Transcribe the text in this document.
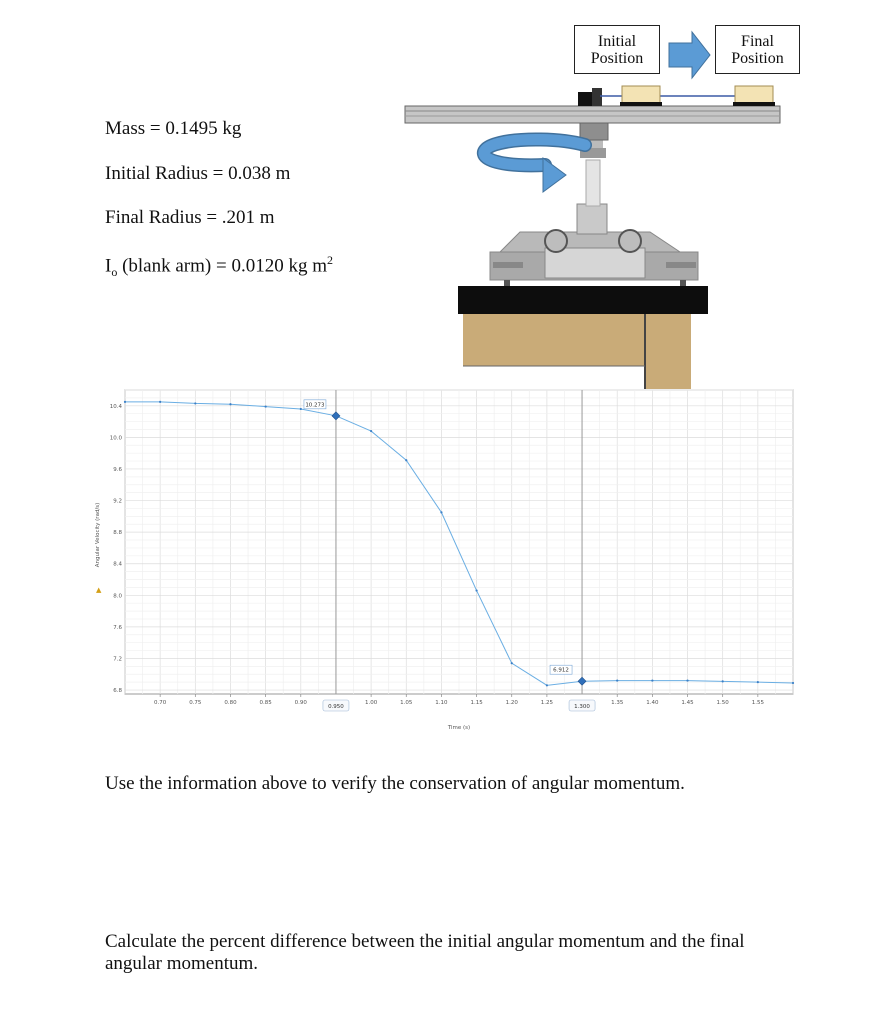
Initial
Position
Final
Position
Mass = 0.1495 kg
Initial Radius = 0.038 m
Final Radius = .201 m
$I_o$ (blank arm) = 0.0120 kg $m^2$
10.4
10.0
9.6
9.2
8.8
8.4
8.0
7.6
7.2
6.8
0.70	0.75	0.80	0.85	0.90	1.00	1.05	1.10	1.15	1.20	1.25	1.35	1.40	1.45	1.50	1.55
10.273
0.950
6.912
1.300
Angular Velocity (rad/s)
▲
Time (s)
Use the information above to verify the conservation of angular momentum.
Calculate the percent difference between the initial angular momentum and the final
angular momentum.
